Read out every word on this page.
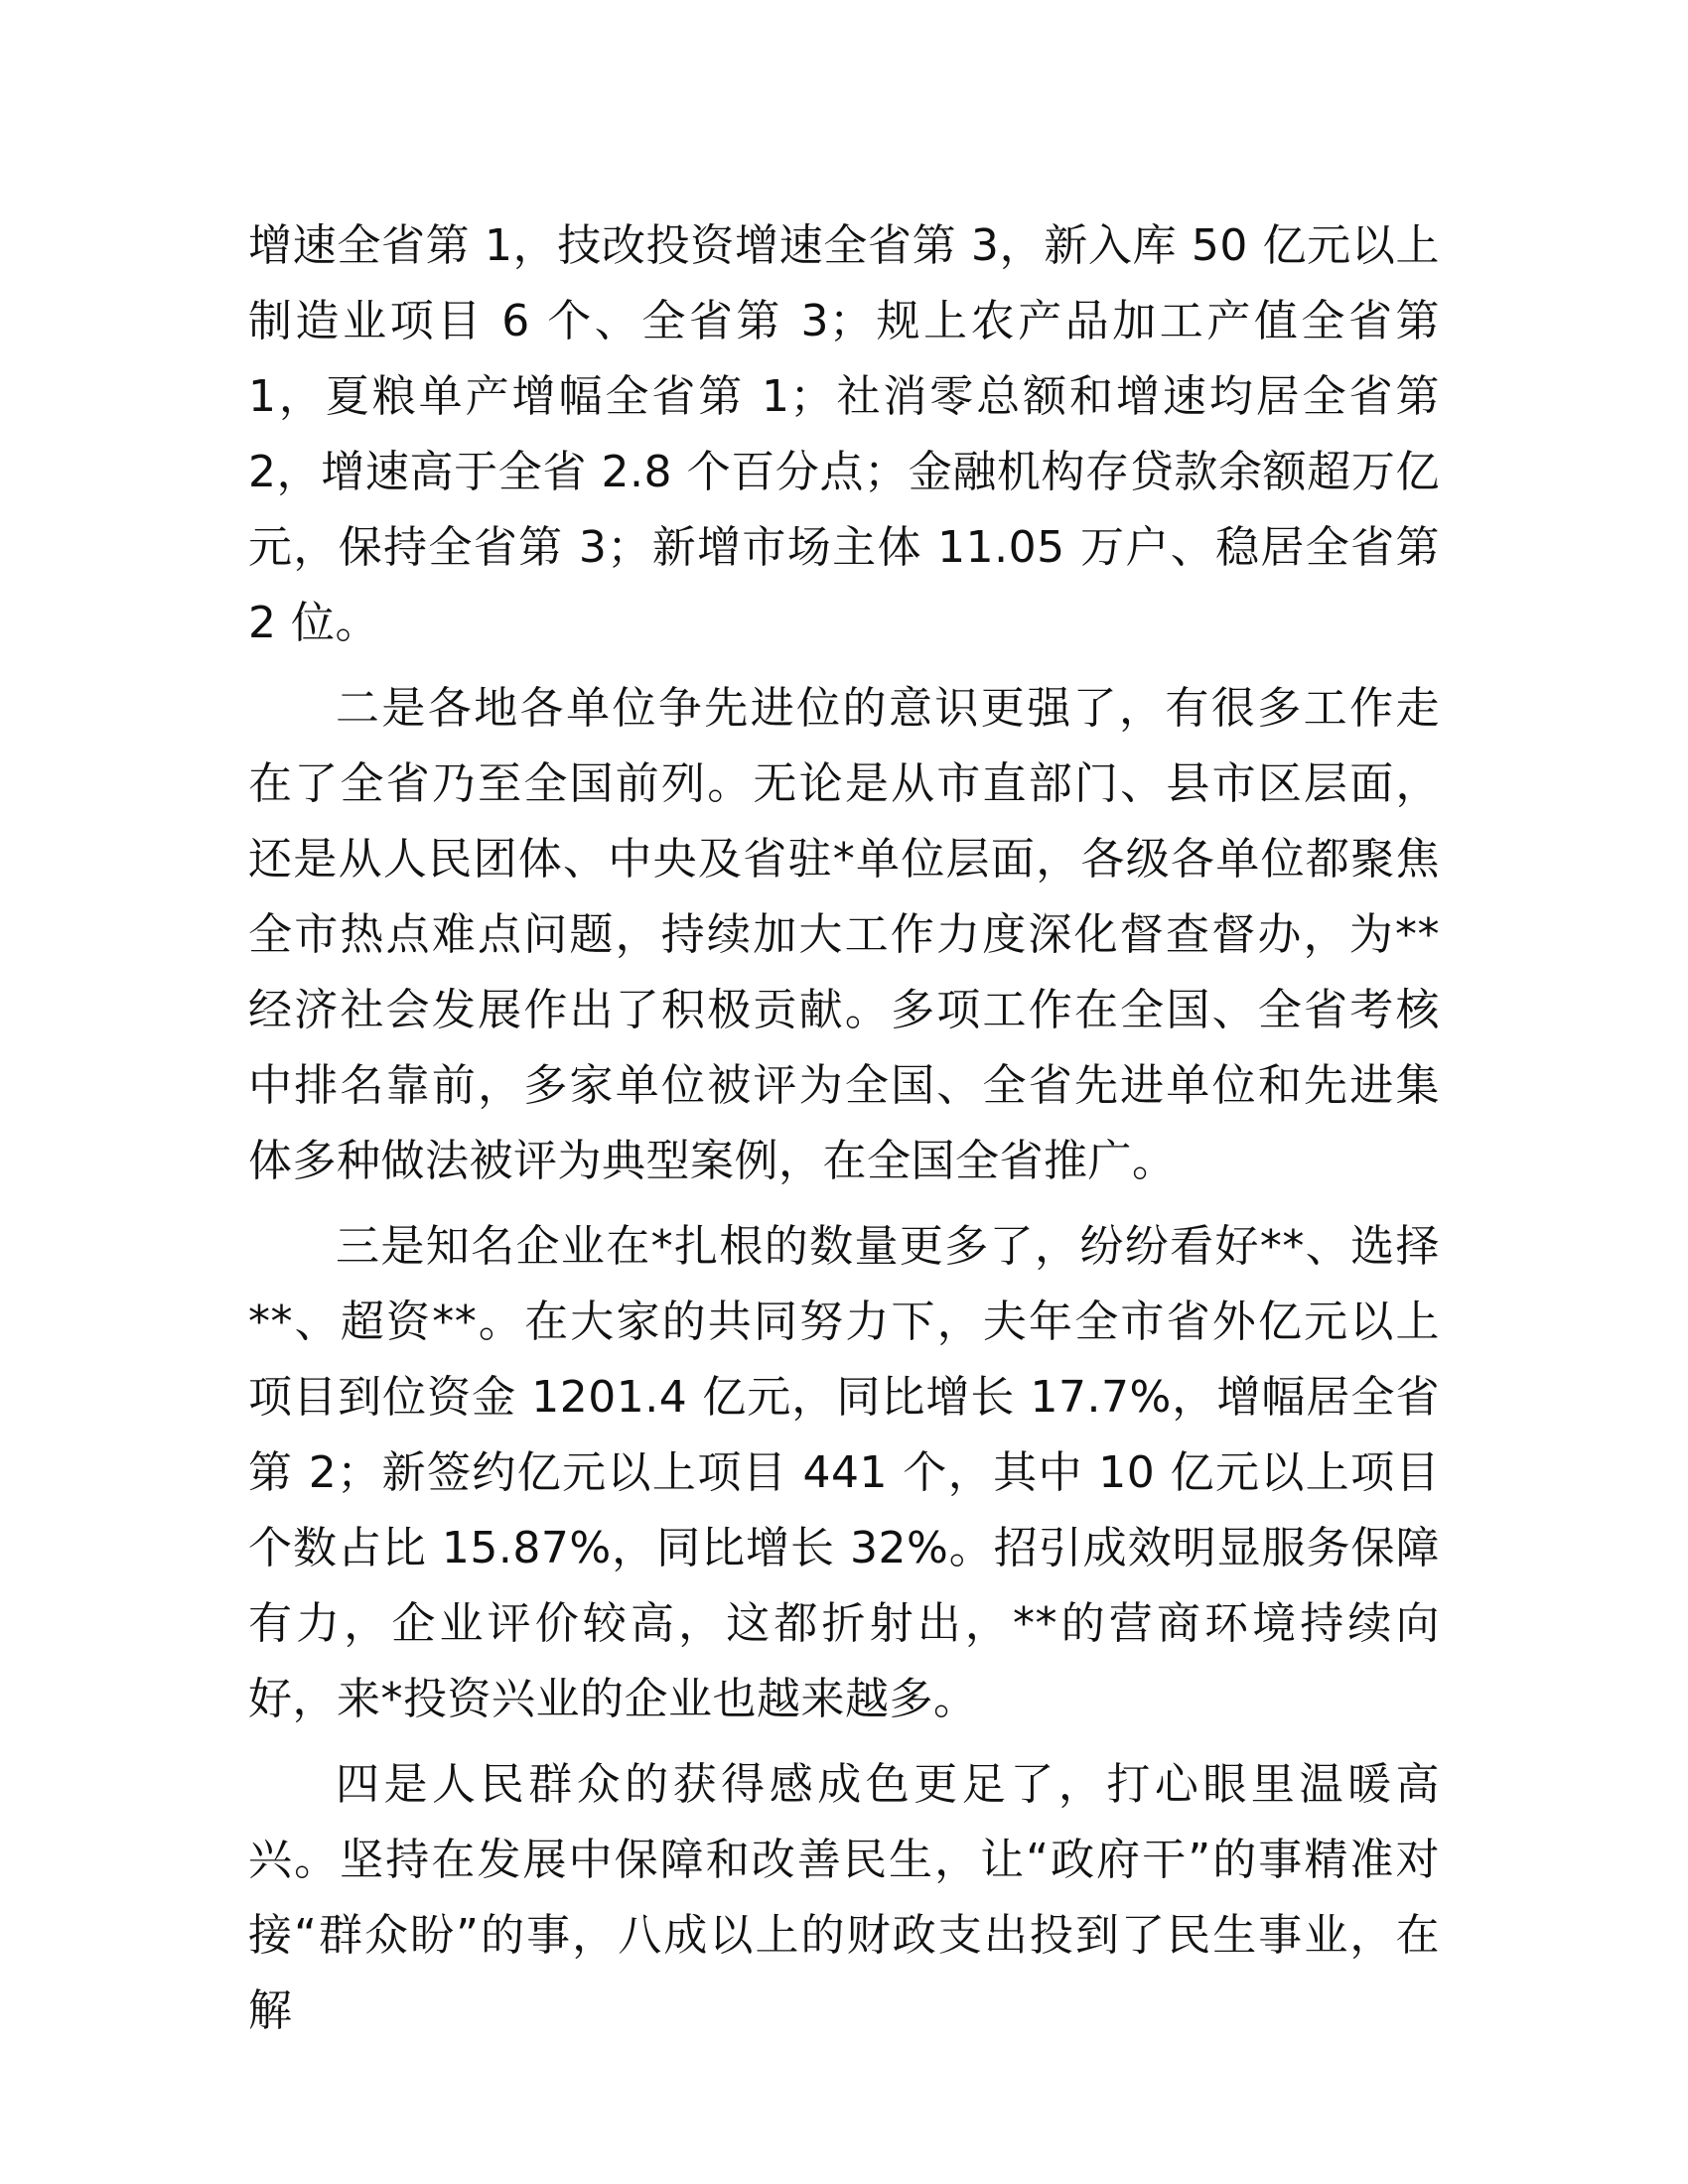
增速全省第 1，技改投资增速全省第 3，新入库 50 亿元以上制造业项目 6 个、全省第 3；规上农产品加工产值全省第 1，夏粮单产增幅全省第 1；社消零总额和增速均居全省第 2，增速高于全省 2.8 个百分点；金融机构存贷款余额超万亿元，保持全省第 3；新增市场主体 11.05 万户、稳居全省第 2 位。

二是各地各单位争先进位的意识更强了，有很多工作走在了全省乃至全国前列。无论是从市直部门、县市区层面，还是从人民团体、中央及省驻*单位层面，各级各单位都聚焦全市热点难点问题，持续加大工作力度深化督查督办，为**经济社会发展作出了积极贡献。多项工作在全国、全省考核中排名靠前，多家单位被评为全国、全省先进单位和先进集体多种做法被评为典型案例，在全国全省推广。

三是知名企业在*扎根的数量更多了，纷纷看好**、选择**、超资**。在大家的共同努力下，夫年全市省外亿元以上项目到位资金 1201.4 亿元，同比增长 17.7%，增幅居全省第 2；新签约亿元以上项目 441 个，其中 10 亿元以上项目个数占比 15.87%，同比增长 32%。招引成效明显服务保障有力，企业评价较高，这都折射出，**的营商环境持续向好，来*投资兴业的企业也越来越多。

四是人民群众的获得感成色更足了，打心眼里温暖高兴。坚持在发展中保障和改善民生，让“政府干”的事精准对接“群众盼”的事，八成以上的财政支出投到了民生事业，在解
